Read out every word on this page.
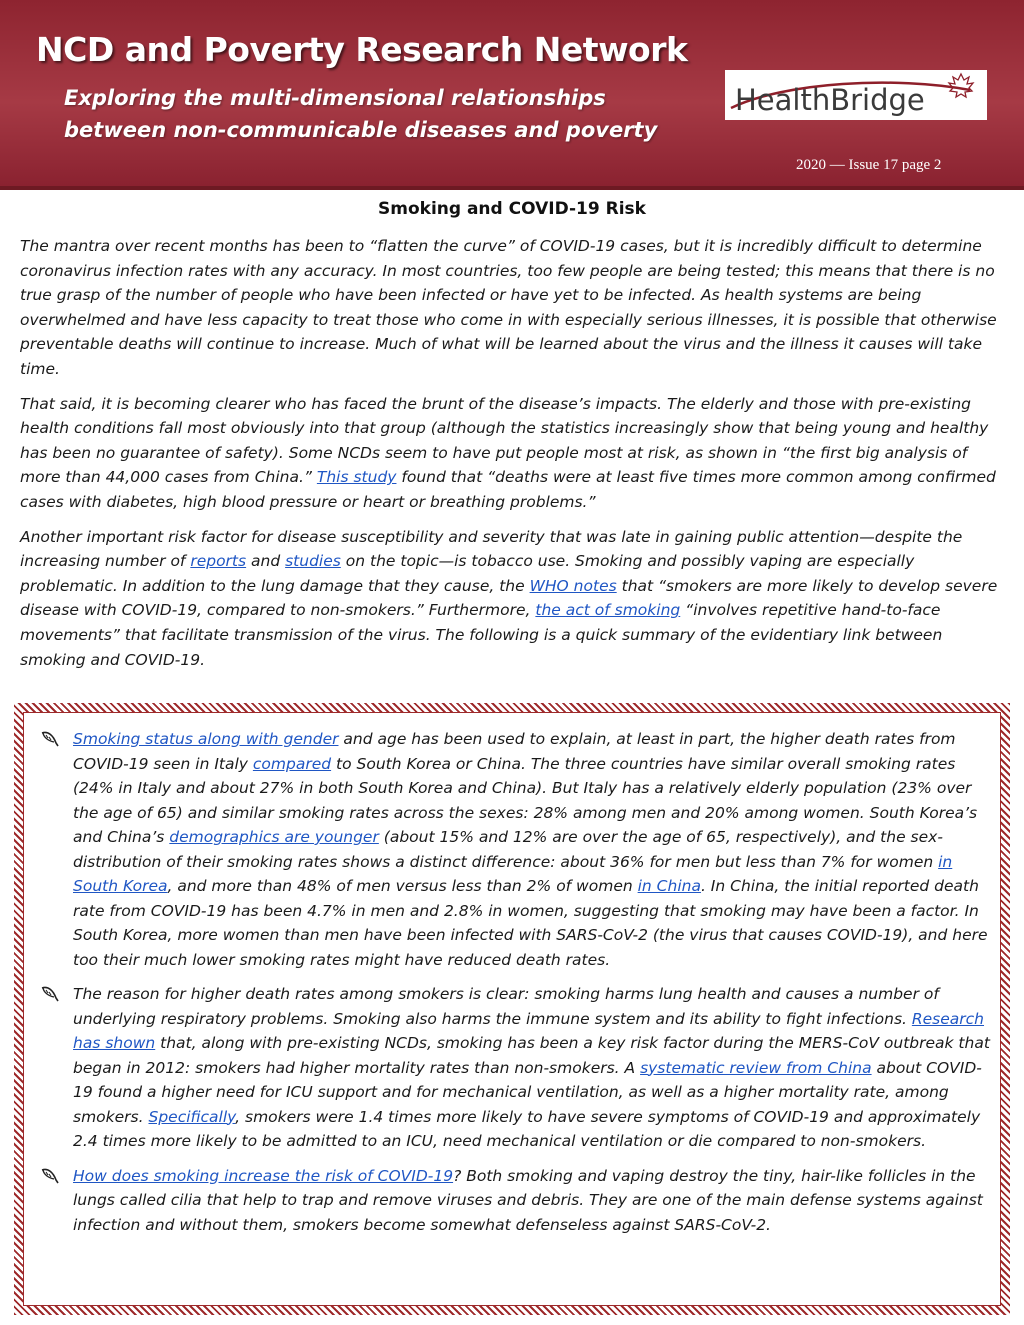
NCD and Poverty Research Network

Exploring the multi-dimensional relationships between non-communicable diseases and poverty

HealthBridge
2020 — Issue 17 page 2
Smoking and COVID-19 Risk

The mantra over recent months has been to “flatten the curve” of COVID-19 cases, but it is incredibly difficult to determine coronavirus infection rates with any accuracy. In most countries, too few people are being tested; this means that there is no true grasp of the number of people who have been infected or have yet to be infected. As health systems are being overwhelmed and have less capacity to treat those who come in with especially serious illnesses, it is possible that otherwise preventable deaths will continue to increase. Much of what will be learned about the virus and the illness it causes will take time.

That said, it is becoming clearer who has faced the brunt of the disease’s impacts. The elderly and those with pre-existing health conditions fall most obviously into that group (although the statistics increasingly show that being young and healthy has been no guarantee of safety). Some NCDs seem to have put people most at risk, as shown in “the first big analysis of more than 44,000 cases from China.” This study found that “deaths were at least five times more common among confirmed cases with diabetes, high blood pressure or heart or breathing problems.”

Another important risk factor for disease susceptibility and severity that was late in gaining public attention—despite the increasing number of reports and studies on the topic—is tobacco use. Smoking and possibly vaping are especially problematic. In addition to the lung damage that they cause, the WHO notes that “smokers are more likely to develop severe disease with COVID-19, compared to non-smokers.” Furthermore, the act of smoking “involves repetitive hand-to-face movements” that facilitate transmission of the virus. The following is a quick summary of the evidentiary link between smoking and COVID-19.

Smoking status along with gender and age has been used to explain, at least in part, the higher death rates from COVID-19 seen in Italy compared to South Korea or China. The three countries have similar overall smoking rates (24% in Italy and about 27% in both South Korea and China). But Italy has a relatively elderly population (23% over the age of 65) and similar smoking rates across the sexes: 28% among men and 20% among women. South Korea’s and China’s demographics are younger (about 15% and 12% are over the age of 65, respectively), and the sex-distribution of their smoking rates shows a distinct difference: about 36% for men but less than 7% for women in South Korea, and more than 48% of men versus less than 2% of women in China. In China, the initial reported death rate from COVID-19 has been 4.7% in men and 2.8% in women, suggesting that smoking may have been a factor. In South Korea, more women than men have been infected with SARS-CoV-2 (the virus that causes COVID-19), and here too their much lower smoking rates might have reduced death rates.
The reason for higher death rates among smokers is clear: smoking harms lung health and causes a number of underlying respiratory problems. Smoking also harms the immune system and its ability to fight infections. Research has shown that, along with pre-existing NCDs, smoking has been a key risk factor during the MERS-CoV outbreak that began in 2012: smokers had higher mortality rates than non-smokers. A systematic review from China about COVID-19 found a higher need for ICU support and for mechanical ventilation, as well as a higher mortality rate, among smokers. Specifically, smokers were 1.4 times more likely to have severe symptoms of COVID-19 and approximately 2.4 times more likely to be admitted to an ICU, need mechanical ventilation or die compared to non-smokers.
How does smoking increase the risk of COVID-19? Both smoking and vaping destroy the tiny, hair-like follicles in the lungs called cilia that help to trap and remove viruses and debris. They are one of the main defense systems against infection and without them, smokers become somewhat defenseless against SARS-CoV-2.
